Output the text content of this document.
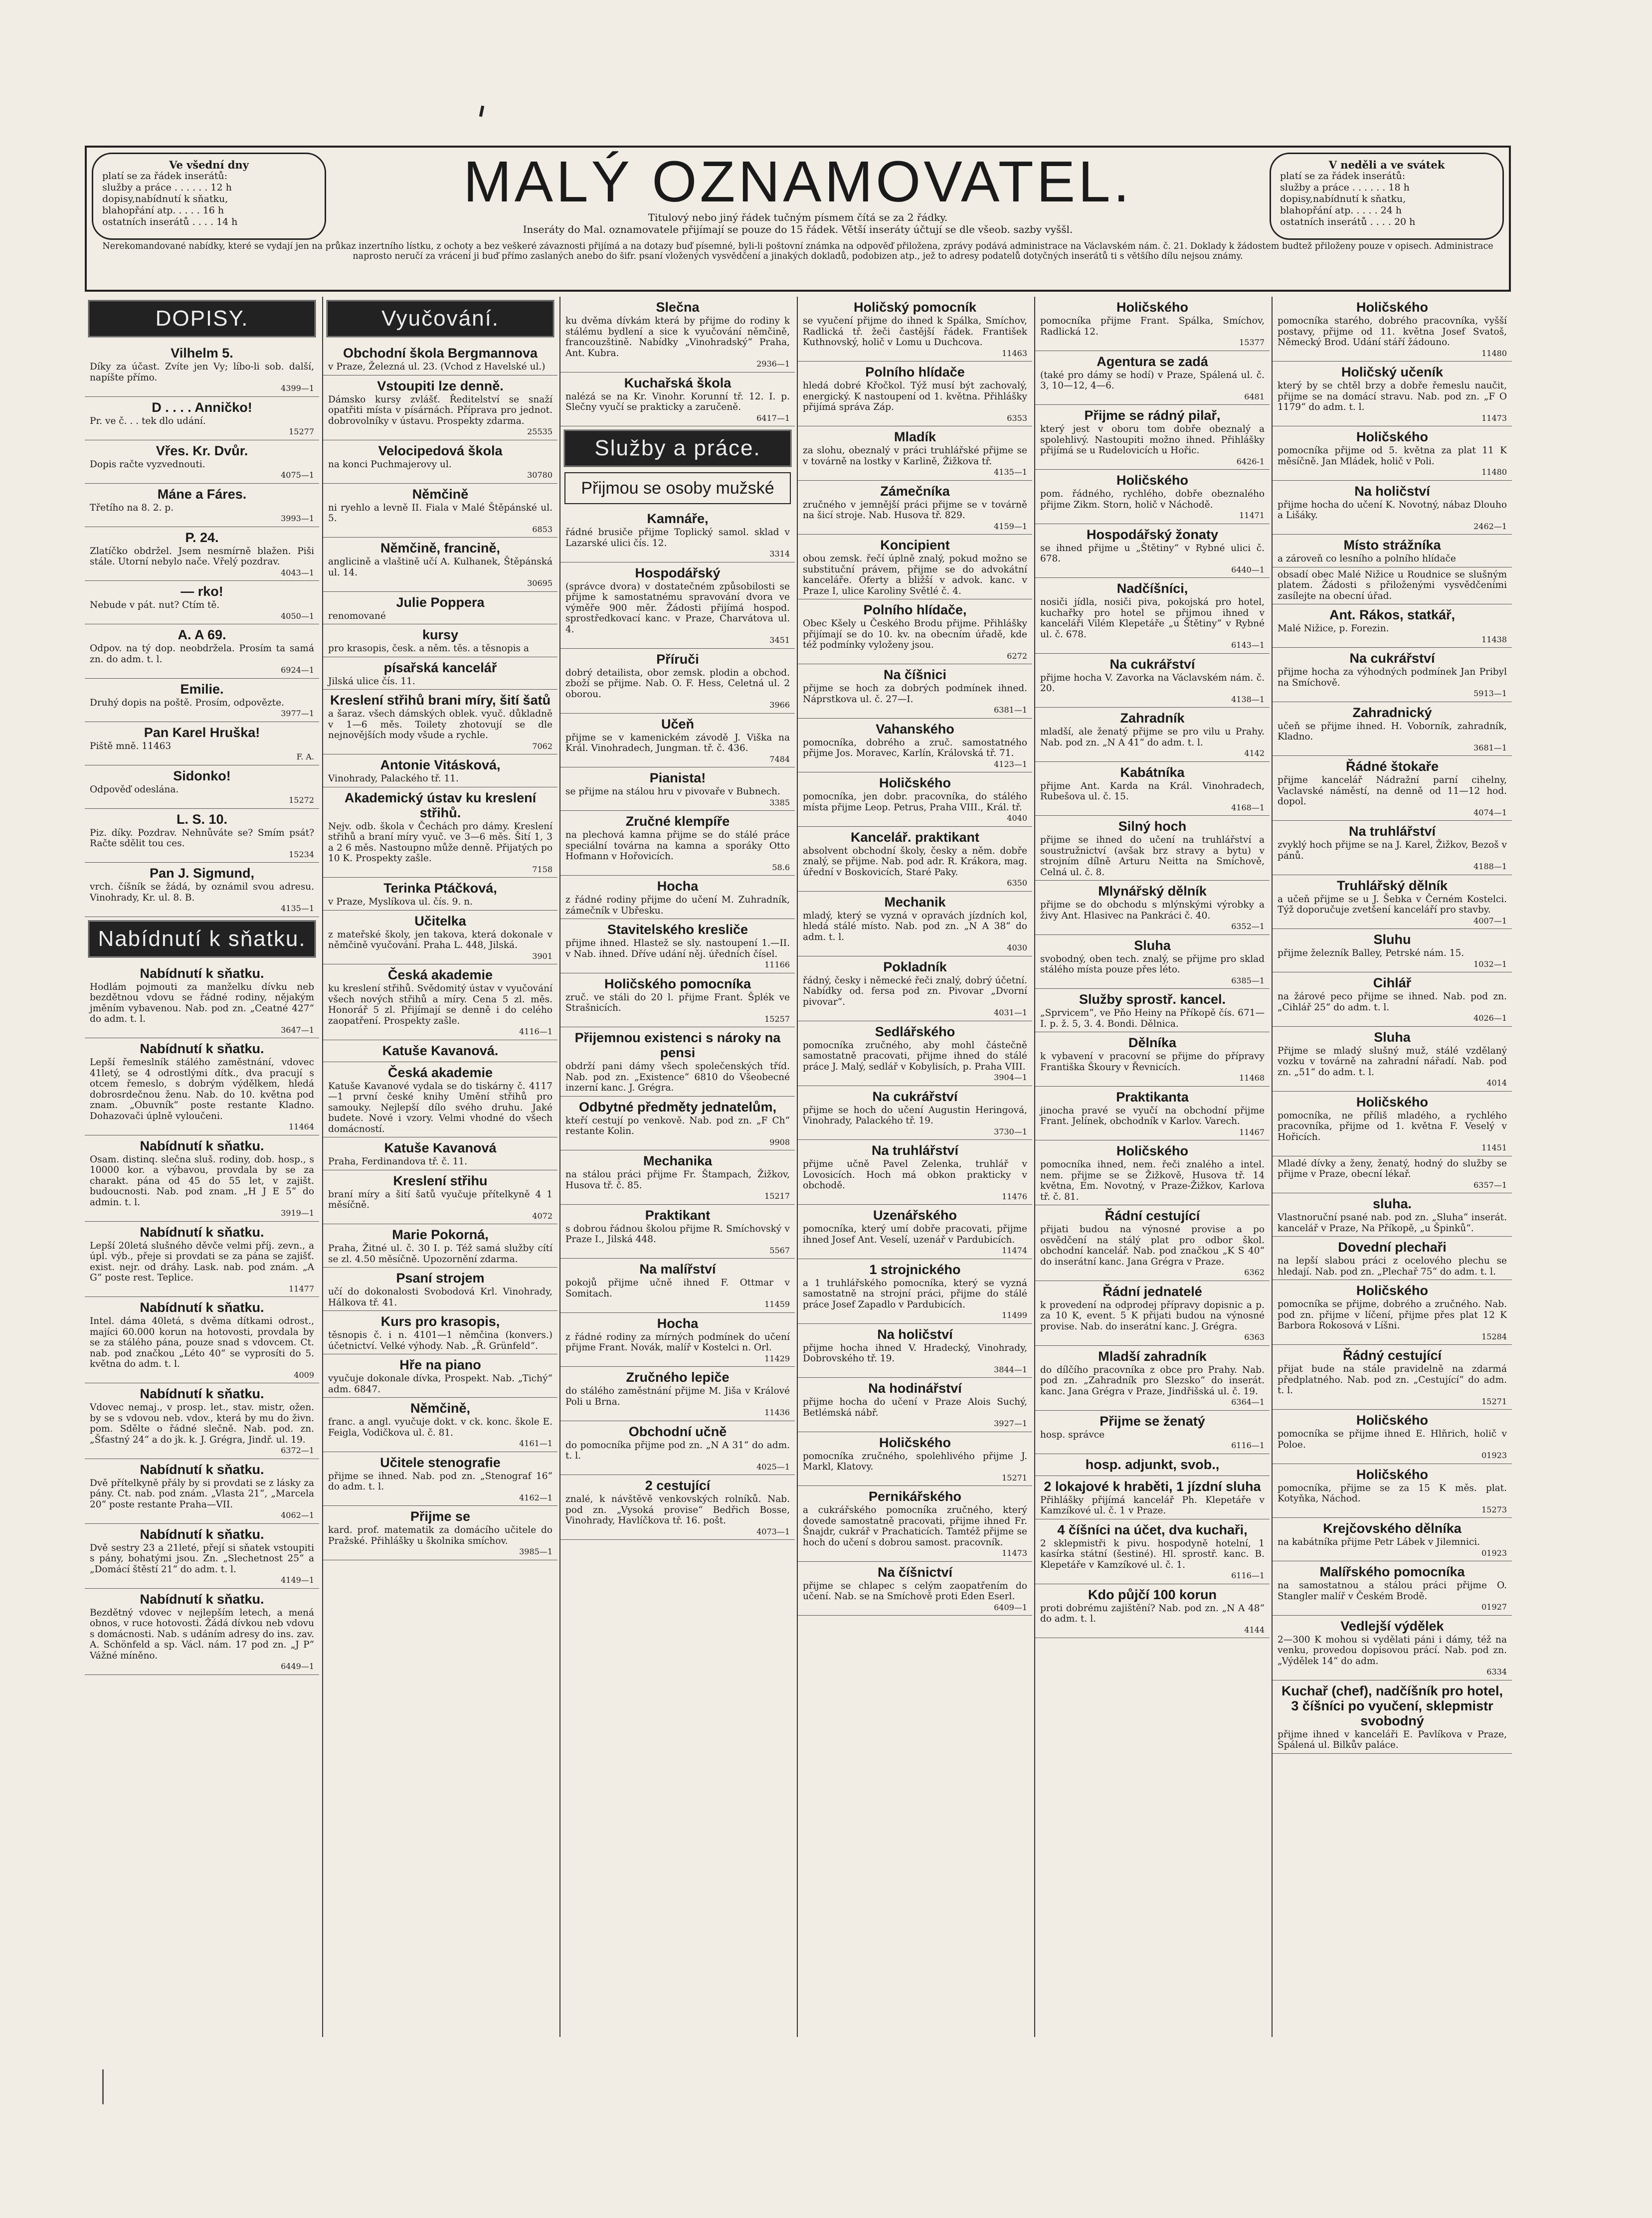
Ve všední dny
platí se za řádek inserátů:
služby a práce . . . . . . 12 h
dopisy,nabídnutí k sňatku,
blahopřání atp. . . . . 16 h
ostatních inserátů . . . . 14 h
MALÝ OZNAMOVATEL.
Titulový nebo jiný řádek tučným písmem čítá se za 2 řádky.
Inseráty do Mal. oznamovatele přijímají se pouze do 15 řádek. Větší inseráty účtují se dle všeob. sazby vyššl.
V neděli a ve svátek
platí se za řádek inserátů:
služby a práce . . . . . . 18 h
dopisy,nabídnutí k sňatku,
blahopřání atp. . . . . 24 h
ostatních inserátů . . . . 20 h
Nerekomandované nabídky, které se vydají jen na průkaz inzertního lístku, z ochoty a bez veškeré závaznosti přijímá a na dotazy buď písemné, byli-li poštovní známka na odpověď přiložena, zprávy podává administrace na Václavském nám. č. 21. Doklady k žádostem budtež přiloženy pouze v opisech. Administrace naprosto neručí za vrácení ji buď přímo zaslaných anebo do šifr. psaní vložených vysvědčení a jinakých dokladů, podobizen atp., jež to adresy podatelů dotyčných inserátů ti s většího dílu nejsou známy.
DOPISY.
Vilhelm 5.

Díky za účast. Zvíte jen Vy; líbo-li sob. další, napíšte přímo.

4399—1
D . . . . Anničko!

Pr. ve č. . . tek dlo udání.

15277
Vřes. Kr. Dvůr.

Dopis račte vyzvednouti.

4075—1
Máne a Fáres.

Třetího na 8. 2. p.

3993—1
P. 24.

Zlatíčko obdržel. Jsem nesmírně blažen. Piši stále. Utorní nebylo nače. Vřelý pozdrav.

4043—1
— rko!

Nebude v pát. nut? Ctím tě.

4050—1
A. A 69.

Odpov. na tý dop. neobdržela. Prosím ta samá zn. do adm. t. l.

6924—1
Emilie.

Druhý dopis na poště. Prosím, odpovězte.

3977—1
Pan Karel Hruška!

Piště mně. 11463

F. A.
Sidonko!

Odpověď odeslána.

15272
L. S. 10.

Piz. díky. Pozdrav. Nehnůváte se? Smím psát? Račte sdělit tou ces.

15234
Pan J. Sigmund,

vrch. číšník se žádá, by oznámil svou adresu. Vinohrady, Kr. ul. 8. B.

4135—1
Nabídnutí k sňatku.
Nabídnutí k sňatku.

Hodlám pojmouti za manželku dívku neb bezdětnou vdovu se řádné rodiny, nějakým jměním vybavenou. Nab. pod zn. „Ceatné 427“ do adm. t. l.

3647—1
Nabídnutí k sňatku.

Lepší řemeslník stálého zaměstnání, vdovec 41letý, se 4 odrostlými dítk., dva pracují s otcem řemeslo, s dobrým výdělkem, hledá dobrosrdečnou ženu. Nab. do 10. května pod znam. „Obuvník“ poste restante Kladno. Dohazovači úplně vyloučeni.

11464
Nabídnutí k sňatku.

Osam. distinq. slečna sluš. rodiny, dob. hosp., s 10000 kor. a výbavou, provdala by se za charakt. pána od 45 do 55 let, v zajišt. budoucnosti. Nab. pod znam. „H J E 5“ do admin. t. l.

3919—1
Nabídnutí k sňatku.

Lepší 20letá slušného děvče velmi příj. zevn., a úpl. výb., přeje si provdati se za pána se zajišť. exist. nejr. od dráhy. Lask. nab. pod znám. „A G“ poste rest. Teplice.

11477
Nabídnutí k sňatku.

Intel. dáma 40letá, s dvěma dítkami odrost., majíci 60.000 korun na hotovosti, provdala by se za stálého pána, pouze snad s vdovcem. Ct. nab. pod značkou „Léto 40“ se vyprosíti do 5. května do adm. t. l.

4009
Nabídnutí k sňatku.

Vdovec nemaj., v prosp. let., stav. mistr, ožen. by se s vdovou neb. vdov., která by mu do živn. pom. Sdělte o řádné slečně. Nab. pod. zn. „Šťastný 24“ a do jk. k. J. Grégra, Jindř. ul. 19.

6372—1
Nabídnutí k sňatku.

Dvě přítelkyně přály by si provdati se z lásky za pány. Ct. nab. pod znám. „Vlasta 21“, „Marcela 20“ poste restante Praha—VII.

4062—1
Nabídnutí k sňatku.

Dvě sestry 23 a 21leté, přejí si sňatek vstoupiti s pány, bohatými jsou. Zn. „Slechetnost 25“ a „Domácí štěstí 21“ do adm. t. l.

4149—1
Nabídnutí k sňatku.

Bezdětný vdovec v nejlepším letech, a mená obnos, v ruce hotovosti. Žádá dívkou neb vdovu s domácnosti. Nab. s udáním adresy do ins. zav. A. Schönfeld a sp. Václ. nám. 17 pod zn. „J P“ Vážné míněno.

6449—1
Vyučování.
Obchodní škola Bergmannova

v Praze, Železná ul. 23. (Vchod z Havelské ul.)

Vstoupiti lze denně.

Dámsko kursy zvlášť. Ředitelství se snaží opatřiti místa v písárnách. Příprava pro jednot. dobrovolníky v ústavu. Prospekty zdarma.

25535
Velocipedová škola

na konci Puchmajerovy ul.

30780
Němčině

ni ryehlo a levně II. Fiala v Malé Štěpánské ul. 5.

6853
Němčině, francině,

anglicině a vlaštině učí A. Kulhanek, Štěpánská ul. 14.

30695
Julie Poppera

renomované

kursy

pro krasopis, česk. a něm. těs. a těsnopis a

písařská kancelář

Jilská ulice čís. 11.

Kreslení střihů brani míry, šití šatů

a šaraz. všech dámských oblek. vyuč. důkladně v 1—6 měs. Toilety zhotovují se dle nejnovějších mody všude a rychle.

7062
Antonie Vitásková,

Vinohrady, Palackého tř. 11.

Akademický ústav ku kreslení střihů.

Nejv. odb. škola v Čechách pro dámy. Kreslení střihů a braní míry vyuč. ve 3—6 měs. Šití 1, 3 a 2 6 měs. Nastoupno může denně. Přijatých po 10 K. Prospekty zašle.

7158
Terinka Ptáčková,

v Praze, Myslíkova ul. čís. 9. n.

Učitelka

z mateřské školy, jen takova, která dokonale v němčině vyučování. Praha L. 448, Jilská.

3901
Česká akademie

ku kreslení střihů. Svědomitý ústav v vyučování všech nových střihů a míry. Cena 5 zl. měs. Honorář 5 zl. Přijímají se denně i do celého zaopatření. Prospekty zašle.

4116—1
Katuše Kavanová.
Česká akademie

Katuše Kavanové vydala se do tiskárny č. 4117—1 první české knihy Umění střihů pro samouky. Nejlepší dílo svého druhu. Jaké budete. Nové i vzory. Velmi vhodné do všech domácností.

Katuše Kavanová

Praha, Ferdinandova tř. č. 11.

Kreslení střihu

braní míry a šití šatů vyučuje přítelkyně 4 1 měsíčně.

4072
Marie Pokorná,

Praha, Žitné ul. č. 30 I. p. Též samá služby cítí se zl. 4.50 měsíčně. Upozornění zdarma.

Psaní strojem

učí do dokonalosti Svobodová Krl. Vinohrady, Hálkova tř. 41.

Kurs pro krasopis,

těsnopis č. i n. 4101—1 němčina (konvers.) účetnictví. Velké výhody. Nab. „Ř. Grünfeld“.

Hře na piano

vyučuje dokonale dívka, Prospekt. Nab. „Tichý“ adm. 6847.

Němčině,

franc. a angl. vyučuje dokt. v ck. konc. škole E. Feigla, Vodičkova ul. č. 81.

4161—1
Učitele stenografie

přijme se ihned. Nab. pod zn. „Stenograf 16“ do adm. t. l.

4162—1
Přijme se

kard. prof. matematik za domácího učitele do Pražské. Přihlášky u školnika smíchov.

3985—1
Slečna

ku dvěma dívkám která by přijme do rodiny k stálému bydlení a sice k vyučování němčině, francouzštině. Nabídky „Vinohradský“ Praha, Ant. Kubra.

2936—1
Kuchařská škola

nalézá se na Kr. Vinohr. Korunní tř. 12. I. p. Slečny vyučí se prakticky a zaručeně.

6417—1
Služby a práce.
Přijmou se osoby mužské
Kamnáře,

řádné brusiče přijme Toplický samol. sklad v Lazarské ulici čís. 12.

3314
Hospodářský

(správce dvora) v dostatečném způsobilosti se přijme k samostatnému spravování dvora ve výměře 900 měr. Žádosti přijímá hospod. sprostředkovací kanc. v Praze, Charvátova ul. 4.

3451
Příruči

dobrý detailista, obor zemsk. plodin a obchod. zboží se přijme. Nab. O. F. Hess, Celetná ul. 2 oborou.

3966
Učeň

přijme se v kamenickém závodě J. Viška na Král. Vinohradech, Jungman. tř. č. 436.

7484
Pianista!

se přijme na stálou hru v pivovaře v Bubnech.

3385
Zručné klempíře

na plechová kamna přijme se do stálé práce speciální továrna na kamna a sporáky Otto Hofmann v Hořovicích.

58.6
Hocha

z řádné rodiny přijme do učení M. Zuhradník, zámečník v Ubřesku.

Stavitelského kresliče

přijme ihned. Hlastež se sly. nastoupení 1.—II. v Nab. ihned. Dříve udání něj. úředních čísel.

11166
Holičského pomocníka

zruč. ve stáli do 20 l. přijme Frant. Šplék ve Strašnicích.

15257
Přijemnou existenci s nároky na pensi

obdrží pani dámy všech společenských tříd. Nab. pod zn. „Existence“ 6810 do Všeobecné inzerní kanc. J. Grégra.

Odbytné předměty jednatelům,

kteří cestují po venkově. Nab. pod zn. „F Ch“ restante Kolin.

9908
Mechanika

na stálou práci přijme Fr. Štampach, Žižkov, Husova tř. č. 85.

15217
Praktikant

s dobrou řádnou školou přijme R. Smíchovský v Praze I., Jilská 448.

5567
Na malířství

pokojů přijme učně ihned F. Ottmar v Somitach.

11459
Hocha

z řádné rodiny za mírných podmínek do učení přijme Frant. Novák, malíř v Kostelci n. Orl.

11429
Zručného lepiče

do stálého zaměstnání přijme M. Jiša v Králové Poli u Brna.

11436
Obchodní učně

do pomocníka přijme pod zn. „N A 31“ do adm. t. l.

4025—1
2 cestující

znalé, k návštěvě venkovských rolníků. Nab. pod zn. „Vysoká provise“ Bedřich Bosse, Vinohrady, Havlíčkova tř. 16. pošt.

4073—1
Holičský pomocník

se vyučení přijme do ihned k Spálka, Smíchov, Radlická tř. žeči častější řádek. František Kuthnovský, holič v Lomu u Duchcova.

11463
Polního hlídače

hledá dobré Křočkol. Týž musí být zachovalý, energický. K nastoupení od 1. května. Přihlášky přijímá správa Záp.

6353
Mladík

za slohu, obeznalý v práci truhlářské přijme se v továrně na lostky v Karlině, Žižkova tř.

4135—1
Zámečníka

zručného v jemnější práci přijme se v továrně na šicí stroje. Nab. Husova tř. 829.

4159—1
Koncipient

obou zemsk. řečí úplně znalý, pokud možno se substituční právem, přijme se do advokátní kanceláře. Oferty a bližší v advok. kanc. v Praze I, ulice Karoliny Světlé č. 4.

Polního hlídače,

Obec Kšely u Českého Brodu přijme. Přihlášky přijímají se do 10. kv. na obecním úřadě, kde též podmínky vyloženy jsou.

6272
Na číšnici

přijme se hoch za dobrých podmínek ihned. Náprstkova ul. č. 27—I.

6381—1
Vahanského

pomocníka, dobrého a zruč. samostatného přijme Jos. Moravec, Karlín, Královská tř. 71.

4123—1
Holičského

pomocníka, jen dobr. pracovníka, do stálého místa přijme Leop. Petrus, Praha VIII., Král. tř.

4040
Kancelář. praktikant

absolvent obchodní školy, česky a něm. dobře znalý, se přijme. Nab. pod adr. R. Krákora, mag. úřední v Boskovicích, Staré Paky.

6350
Mechanik

mladý, který se vyzná v opravách jízdních kol, hledá stálé místo. Nab. pod zn. „N A 38“ do adm. t. l.

4030
Pokladník

řádný, česky i německé řeči znalý, dobrý účetní. Nabídky od. fersa pod zn. Pivovar „Dvorní pivovar“.

4031—1
Sedlářského

pomocníka zručného, aby mohl částečně samostatně pracovati, přijme ihned do stálé práce J. Malý, sedlář v Kobylisích, p. Praha VIII.

3904—1
Na cukrářství

přijme se hoch do učení Augustin Heringová, Vinohrady, Palackého tř. 19.

3730—1
Na truhlářství

přijme učně Pavel Zelenka, truhlář v Lovosicích. Hoch má obkon prakticky v obchodě.

11476
Uzenářského

pomocníka, který umí dobře pracovati, přijme ihned Josef Ant. Veselí, uzenář v Pardubicích.

11474
1 strojnického

a 1 truhlářského pomocníka, který se vyzná samostatně na strojní práci, přijme do stálé práce Josef Zapadlo v Pardubicích.

11499
Na holičství

přijme hocha ihned V. Hradecký, Vinohrady, Dobrovského tř. 19.

3844—1
Na hodinářství

přijme hocha do učení v Praze Alois Suchý, Betlémská nábř.

3927—1
Holičského

pomocníka zručného, spolehlivého přijme J. Markl, Klatovy.

15271
Pernikářského

a cukrářského pomocníka zručného, který dovede samostatně pracovati, přijme ihned Fr. Šnajdr, cukrář v Prachaticích. Tamtéž přijme se hoch do učení s dobrou samost. pracovník.

11473
Na číšnictví

přijme se chlapec s celým zaopatřením do učení. Nab. se na Smíchově proti Eden Eserl.

6409—1
Holičského

pomocníka přijme Frant. Spálka, Smíchov, Radlická 12.

15377
Agentura se zadá

(také pro dámy se hodí) v Praze, Spálená ul. č. 3, 10—12, 4—6.

6481
Přijme se rádný pilař,

který jest v oboru tom dobře obeznalý a spolehlivý. Nastoupiti možno ihned. Přihlášky přijímá se u Rudelovicích u Hořic.

6426-1
Holičského

pom. řádného, rychlého, dobře obeznalého přijme Zikm. Storn, holič v Náchodě.

11471
Hospodářský žonaty

se ihned přijme u „Štětiny“ v Rybné ulici č. 678.

6440—1
Nadčíšníci,

nosiči jídla, nosiči piva, pokojská pro hotel, kuchařky pro hotel se přijmou ihned v kanceláři Vilém Klepetáře „u Štětiny“ v Rybné ul. č. 678.

6143—1
Na cukrářství

přijme hocha V. Zavorka na Václavském nám. č. 20.

4138—1
Zahradník

mladší, ale ženatý přijme se pro vilu u Prahy. Nab. pod zn. „N A 41“ do adm. t. l.

4142
Kabátníka

přijme Ant. Karda na Král. Vinohradech, Rubešova ul. č. 15.

4168—1
Silný hoch

přijme se ihned do učení na truhlářství a soustružnictví (avšak brz stravy a bytu) v strojním dílně Arturu Neitta na Smíchově, Celná ul. č. 8.

Mlynářský dělník

přijme se do obchodu s mlýnskými výrobky a živy Ant. Hlasivec na Pankráci č. 40.

6352—1
Sluha

svobodný, oben tech. znalý, se přijme pro sklad stálého místa pouze přes léto.

6385—1
Služby sprostř. kancel.

„Sprvicem“, ve Pňo Heiny na Příkopě čís. 671—I. p. ž. 5, 3. 4. Bondi. Dělnica.

Dělníka

k vybavení v pracovní se přijme do přípravy Františka Škoury v Řevnicích.

11468
Praktikanta

jinocha pravé se vyučí na obchodní přijme Frant. Jelínek, obchodník v Karlov. Varech.

11467
Holičského

pomocníka ihned, nem. řeči znalého a intel. nem. přijme se se Žižkově, Husova tř. 14 května, Em. Novotný, v Praze-Žižkov, Karlova tř. č. 81.

Řádní cestující

přijati budou na výnosné provise a po osvědčení na stálý plat pro odbor škol. obchodní kancelář. Nab. pod značkou „K S 40“ do inserátní kanc. Jana Grégra v Praze.

6362
Řádní jednatelé

k provedení na odprodej přípravy dopisnic a p. za 10 K, event. 5 K přijati budou na výnosné provise. Nab. do inserátní kanc. J. Grégra.

6363
Mladší zahradník

do dílčího pracovníka z obce pro Prahy. Nab. pod zn. „Zahradník pro Slezsko“ do inserát. kanc. Jana Grégra v Praze, Jindřišská ul. č. 19.

6364—1
Přijme se ženatý

hosp. správce

6116—1
hosp. adjunkt, svob.,
2 lokajové k hraběti, 1 jízdní sluha

Přihlášky přijímá kancelář Ph. Klepetáře v Kamzíkové ul. č. 1 v Praze.

4 číšníci na účet, dva kuchaři,

2 sklepmistři k pivu. hospodyně hotelní, 1 kasírka státní (šestiné). Hl. sprostř. kanc. B. Klepetáře v Kamzíkové ul. č. 1.

6116—1
Kdo půjčí 100 korun

proti dobrému zajištění? Nab. pod zn. „N A 48“ do adm. t. l.

4144
Holičského

pomocníka starého, dobrého pracovníka, vyšší postavy, přijme od 11. května Josef Svatoš, Německý Brod. Udání stáří žádouno.

11480
Holičský učeník

který by se chtěl brzy a dobře řemeslu naučit, přijme se na domácí stravu. Nab. pod zn. „F O 1179“ do adm. t. l.

11473
Holičského

pomocníka přijme od 5. května za plat 11 K měsíčně. Jan Mládek, holič v Poli.

11480
Na holičství

přijme hocha do učení K. Novotný, nábaz Dlouho a Lišáky.

2462—1
Místo strážníka

a zároveň co lesního a polního hlídače

obsadí obec Malé Nižice u Roudnice se slušným platem. Žádosti s přiloženými vysvědčeními zasílejte na obecní úřad.

Ant. Rákos, statkář,

Malé Nižice, p. Forezin.

11438
Na cukrářství

přijme hocha za výhodných podmínek Jan Pribyl na Smíchově.

5913—1
Zahradnický

učeň se přijme ihned. H. Voborník, zahradník, Kladno.

3681—1
Řádné štokaře

přijme kancelář Nádražní parní cihelny, Vaclavské náměstí, na denně od 11—12 hod. dopol.

4074—1
Na truhlářství

zvyklý hoch přijme se na J. Karel, Žižkov, Bezoš v pánů.

4188—1
Truhlářský dělník

a učeň přijme se u J. Šebka v Černém Kostelci. Týž doporučuje zvetšení kanceláří pro stavby.

4007—1
Sluhu

přijme železník Balley, Petrské nám. 15.

1032—1
Cihlář

na žárové peco přijme se ihned. Nab. pod zn. „Cihlář 25“ do adm. t. l.

4026—1
Sluha

Přijme se mladý slušný muž, stálé vzdělaný vozku v továrně na zahradní nářadí. Nab. pod zn. „51“ do adm. t. l.

4014
Holičského

pomocníka, ne příliš mladého, a rychlého pracovníka, přijme od 1. května F. Veselý v Hořicích.

11451

Mladé dívky a ženy, ženatý, hodný do služby se přijme v Praze, obecní lékař.

6357—1
sluha.

Vlastnoruční psané nab. pod zn. „Sluha“ inserát. kancelář v Praze, Na Příkopě, „u Špinků“.

Dovední plechaři

na lepší slabou práci z ocelového plechu se hledají. Nab. pod zn. „Plechař 75“ do adm. t. l.

Holičského

pomocníka se přijme, dobrého a zručného. Nab. pod zn. přijme v líčení, přijme přes plat 12 K Barbora Rokosová v Líšni.

15284
Řádný cestující

přijat bude na stále pravidelně na zdarmá předplatného. Nab. pod zn. „Cestující“ do adm. t. l.

15271
Holičského

pomocníka se přijme ihned E. Hlňrich, holič v Poloe.

01923
Holičského

pomocníka, přijme se za 15 K měs. plat. Kotyňka, Náchod.

15273
Krejčovského dělníka

na kabátníka přijme Petr Lábek v Jilemnici.

01923
Malířského pomocníka

na samostatnou a stálou práci přijme O. Stangler malíř v Českém Brodě.

01927
Vedlejší výdělek

2—300 K mohou si vydělati páni i dámy, též na venku, provedou dopisovou prácí. Nab. pod zn. „Výdělek 14“ do adm.

6334
Kuchař (chef), nadčíšník pro hotel, 3 číšníci po vyučení, sklepmistr svobodný

přijme ihned v kanceláři E. Pavlíkova v Praze, Spálená ul. Bilkův paláce.
